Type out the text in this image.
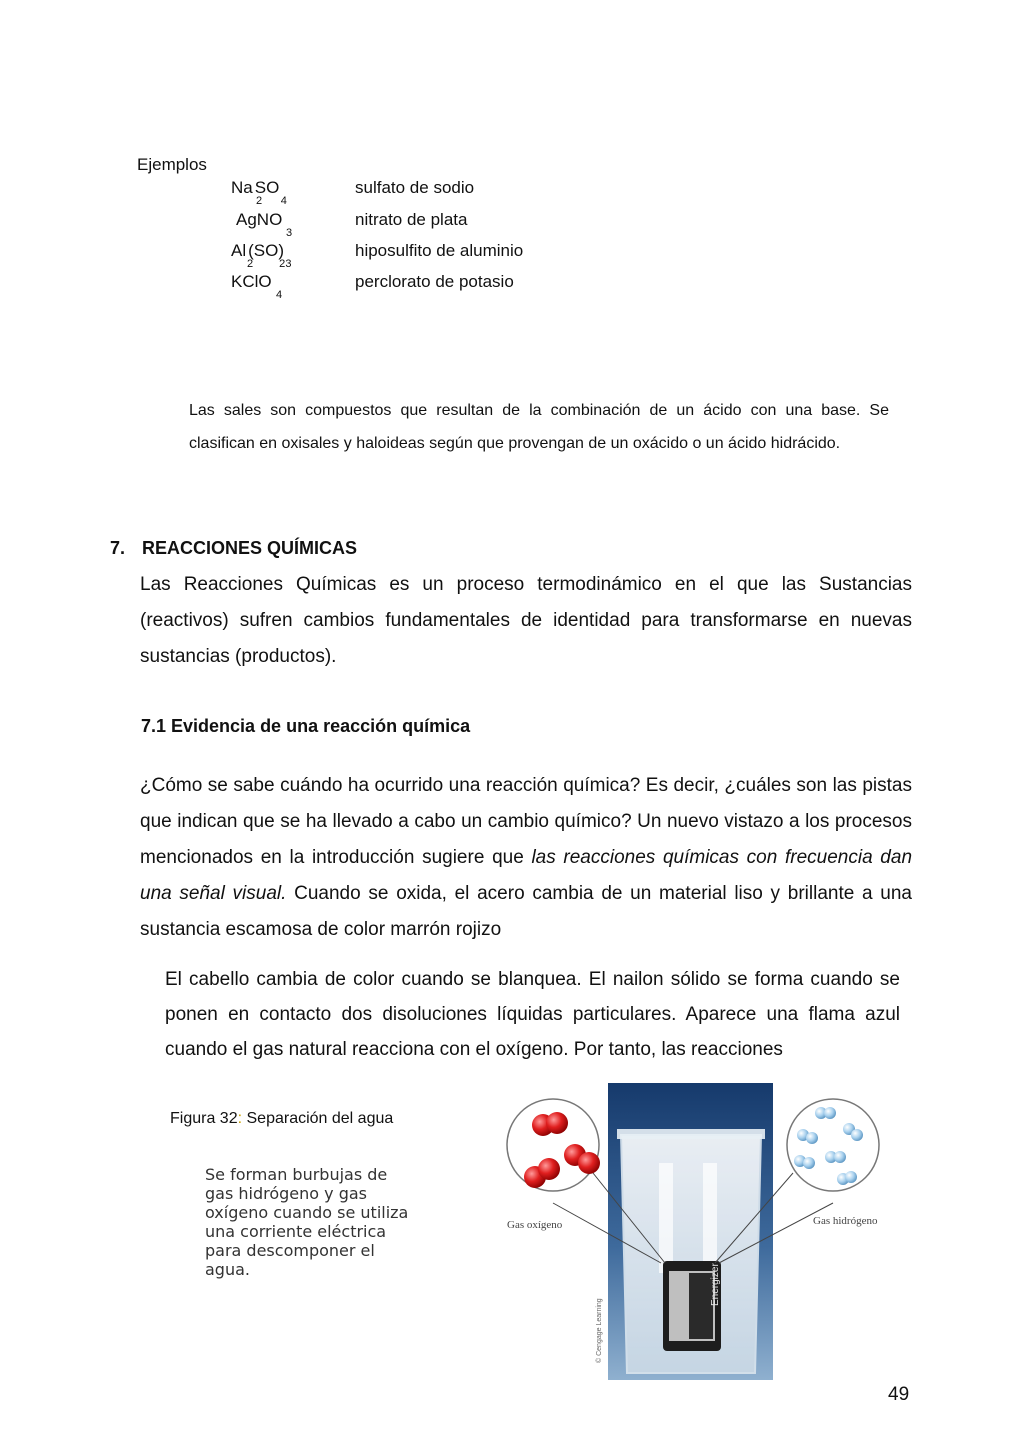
Ejemplos
Na
2
SO
4
sulfato de sodio
AgNO
3
nitrato de plata
Al
2
(SO
2
)
3
hiposulfito de aluminio
KClO
4
perclorato de potasio
Las sales son compuestos que resultan de la combinación de un ácido con una base. Se clasifican en oxisales y haloideas según que provengan de un oxácido o un ácido hidrácido.
7. REACCIONES QUÍMICAS
Las Reacciones Químicas es un proceso termodinámico en el que las Sustancias (reactivos) sufren cambios fundamentales de identidad para transformarse en nuevas sustancias (productos).
7.1 Evidencia de una reacción química
¿Cómo se sabe cuándo ha ocurrido una reacción química? Es decir, ¿cuáles son las pistas que indican que se ha llevado a cabo un cambio químico? Un nuevo vistazo a los procesos mencionados en la introducción sugiere que las reacciones químicas con frecuencia dan una señal visual. Cuando se oxida, el acero cambia de un material liso y brillante a una sustancia escamosa de color marrón rojizo
El cabello cambia de color cuando se blanquea. El nailon sólido se forma cuando se ponen en contacto dos disoluciones líquidas particulares. Aparece una flama azul cuando el gas natural reacciona con el oxígeno. Por tanto, las reacciones
Figura 32: Separación del agua
Se forman burbujas de gas hidrógeno y gas oxígeno cuando se utiliza una corriente eléctrica para descomponer el agua.	Energizer
© Cengage Learning
Gas oxígeno	Gas hidrógeno
49
